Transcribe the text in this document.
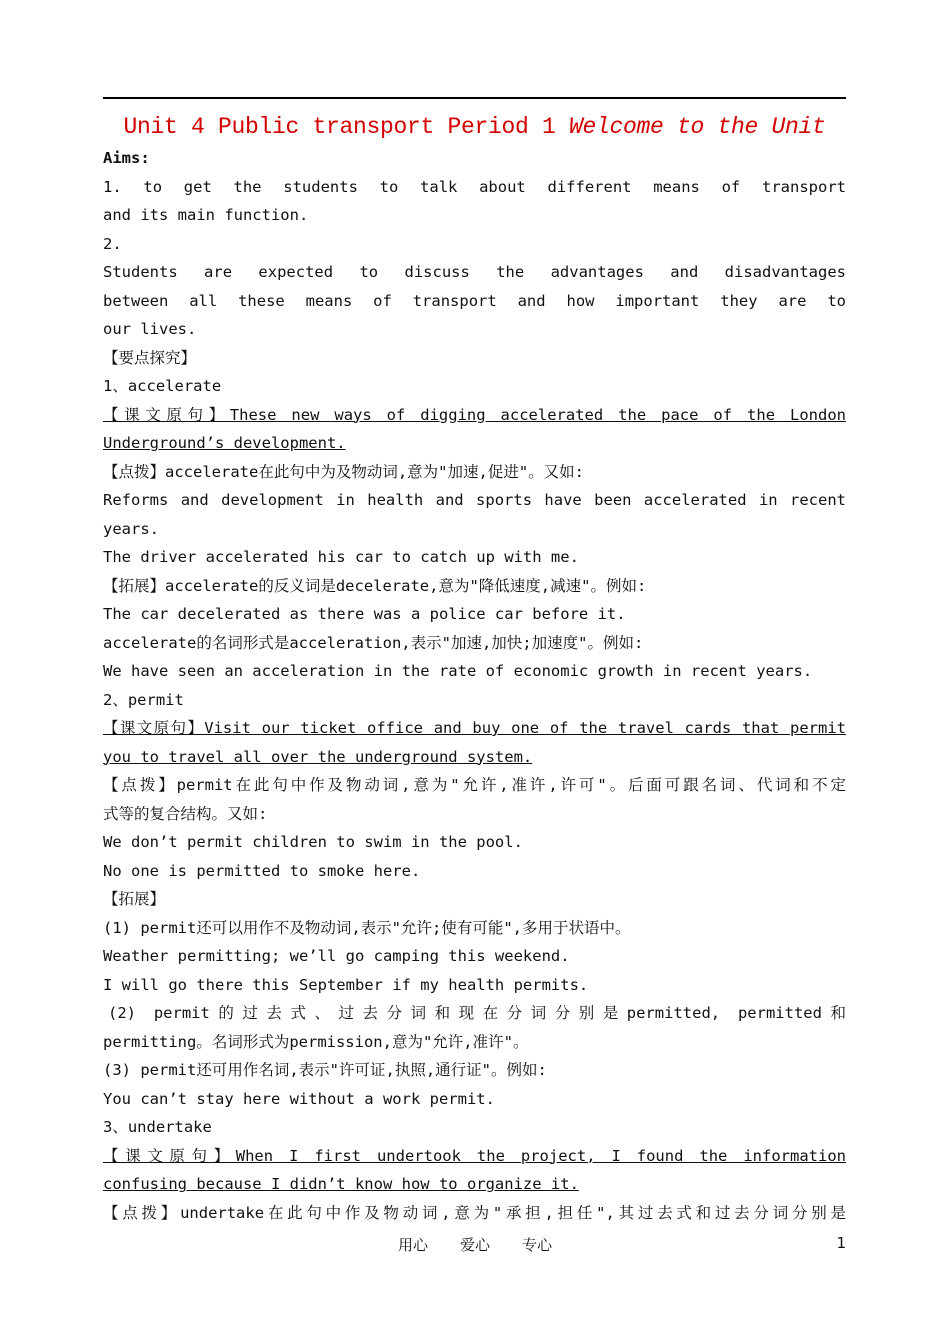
Unit 4 Public transport Period 1 Welcome to the Unit
Aims:
1. to get the students to talk about different means of transport
and its main function.
2.
Students are expected to discuss the advantages and disadvantages
between all these means of transport and how important they are to
our lives.
【要点探究】
1、accelerate
【课文原句】These new ways of digging accelerated the pace of the London
Underground’s development.
【点拨】accelerate在此句中为及物动词,意为"加速,促进"。又如:
Reforms and development in health and sports have been accelerated in recent
years.
The driver accelerated his car to catch up with me.
【拓展】accelerate的反义词是decelerate,意为"降低速度,减速"。例如:
The car decelerated as there was a police car before it.
accelerate的名词形式是acceleration,表示"加速,加快;加速度"。例如:
We have seen an acceleration in the rate of economic growth in recent years.
2、permit
【课文原句】Visit our ticket office and buy one of the travel cards that permit
you to travel all over the underground system.
【点拨】permit在此句中作及物动词,意为"允许,准许,许可"。后面可跟名词、代词和不定
式等的复合结构。又如:
We don’t permit children to swim in the pool.
No one is permitted to smoke here.
【拓展】
(1) permit还可以用作不及物动词,表示"允许;使有可能",多用于状语中。
Weather permitting; we’ll go camping this weekend.
I will go there this September if my health permits.
(2) permit的过去式、过去分词和现在分词分别是permitted, permitted和
permitting。名词形式为permission,意为"允许,准许"。
(3) permit还可用作名词,表示"许可证,执照,通行证"。例如:
You can’t stay here without a work permit.
3、undertake
【课文原句】When I first undertook the project, I found the information
confusing because I didn’t know how to organize it.
【点拨】undertake在此句中作及物动词,意为"承担,担任",其过去式和过去分词分别是
用心 爱心 专心	1
